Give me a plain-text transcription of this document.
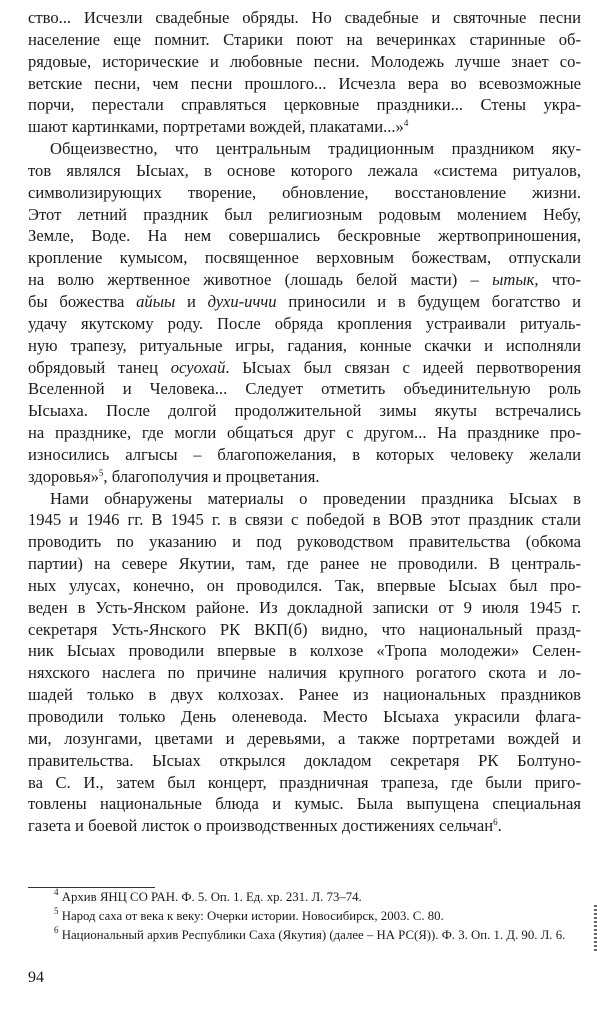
ство... Исчезли свадебные обряды. Но свадебные и святочные песни
население еще помнит. Старики поют на вечеринках старинные об-
рядовые, исторические и любовные песни. Молодежь лучше знает со-
ветские песни, чем песни прошлого... Исчезла вера во всевозможные
порчи, перестали справляться церковные праздники... Стены укра-
шают картинками, портретами вождей, плакатами...»$^4$
Общеизвестно, что центральным традиционным праздником яку-
тов являлся Ысыах, в основе которого лежала «система ритуалов,
символизирующих творение, обновление, восстановление жизни.
Этот летний праздник был религиозным родовым молением Небу,
Земле, Воде. На нем совершались бескровные жертвоприношения,
кропление кумысом, посвященное верховным божествам, отпускали
на волю жертвенное животное (лошадь белой масти) – ытык, что-
бы божества айыы и духи-иччи приносили и в будущем богатство и
удачу якутскому роду. После обряда кропления устраивали ритуаль-
ную трапезу, ритуальные игры, гадания, конные скачки и исполняли
обрядовый танец осуохай. Ысыах был связан с идеей первотворения
Вселенной и Человека... Следует отметить объединительную роль
Ысыаха. После долгой продолжительной зимы якуты встречались
на празднике, где могли общаться друг с другом... На празднике про-
износились алгысы – благопожелания, в которых человеку желали
здоровья»$^5$, благополучия и процветания.
Нами обнаружены материалы о проведении праздника Ысыах в
1945 и 1946 гг. В 1945 г. в связи с победой в ВОВ этот праздник стали
проводить по указанию и под руководством правительства (обкома
партии) на севере Якутии, там, где ранее не проводили. В централь-
ных улусах, конечно, он проводился. Так, впервые Ысыах был про-
веден в Усть-Янском районе. Из докладной записки от 9 июля 1945 г.
секретаря Усть-Янского РК ВКП(б) видно, что национальный празд-
ник Ысыах проводили впервые в колхозе «Тропа молодежи» Селен-
няхского наслега по причине наличия крупного рогатого скота и ло-
шадей только в двух колхозах. Ранее из национальных праздников
проводили только День оленевода. Место Ысыаха украсили флага-
ми, лозунгами, цветами и деревьями, а также портретами вождей и
правительства. Ысыах открылся докладом секретаря РК Болтуно-
ва С. И., затем был концерт, праздничная трапеза, где были приго-
товлены национальные блюда и кумыс. Была выпущена специальная
газета и боевой листок о производственных достижениях сельчан$^6$.
$^4$ Архив ЯНЦ СО РАН. Ф. 5. Оп. 1. Ед. хр. 231. Л. 73–74.
$^5$ Народ саха от века к веку: Очерки истории. Новосибирск, 2003. С. 80.
$^6$ Национальный архив Республики Саха (Якутия) (далее – НА РС(Я)). Ф. 3. Оп. 1. Д. 90. Л. 6.
94
